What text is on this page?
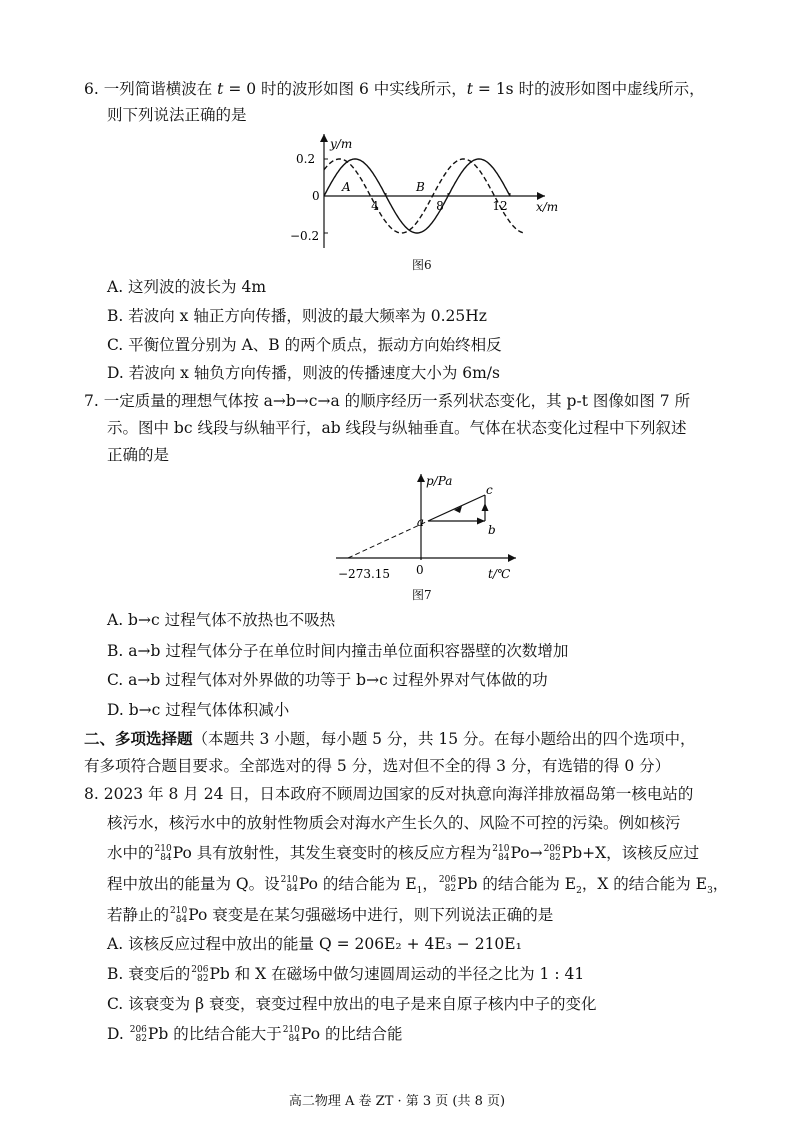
6. 一列简谐横波在 t = 0 时的波形如图 6 中实线所示，t = 1s 时的波形如图中虚线所示，
则下列说法正确的是
y/m
x/m
0.2
0
−0.2
4	8	12
A	B
图6
A. 这列波的波长为 4m
B. 若波向 x 轴正方向传播，则波的最大频率为 0.25Hz
C. 平衡位置分别为 A、B 的两个质点，振动方向始终相反
D. 若波向 x 轴负方向传播，则波的传播速度大小为 6m/s
7. 一定质量的理想气体按 a→b→c→a 的顺序经历一系列状态变化，其 p-t 图像如图 7 所
示。图中 bc 线段与纵轴平行，ab 线段与纵轴垂直。气体在状态变化过程中下列叙述
正确的是
p/Pa
t/℃
−273.15 0
a
b
c
图7
A. b→c 过程气体不放热也不吸热
B. a→b 过程气体分子在单位时间内撞击单位面积容器壁的次数增加
C. a→b 过程气体对外界做的功等于 b→c 过程外界对气体做的功
D. b→c 过程气体体积减小
二、多项选择题（本题共 3 小题，每小题 5 分，共 15 分。在每小题给出的四个选项中，
有多项符合题目要求。全部选对的得 5 分，选对但不全的得 3 分，有选错的得 0 分）
8. 2023 年 8 月 24 日，日本政府不顾周边国家的反对执意向海洋排放福岛第一核电站的
核污水，核污水中的放射性物质会对海水产生长久的、风险不可控的污染。例如核污
水中的 210
84 Po 具有放射性，其发生衰变时的核反应方程为 210
84 Po→ 206
82 Pb+X，该核反应过
程中放出的能量为 Q。设 210
84 Po 的结合能为 $E_1$， 206
82 Pb 的结合能为 $E_2$，X 的结合能为 $E_3$，
若静止的 210
84 Po 衰变是在某匀强磁场中进行，则下列说法正确的是
A. 该核反应过程中放出的能量 Q = 206E₂ + 4E₃ − 210E₁
B. 衰变后的 206
82 Pb 和 X 在磁场中做匀速圆周运动的半径之比为 1 : 41
C. 该衰变为 β 衰变，衰变过程中放出的电子是来自原子核内中子的变化
D. 206
82 Pb 的比结合能大于 210
84 Po 的比结合能
高二物理 A 卷 ZT · 第 3 页 (共 8 页)
